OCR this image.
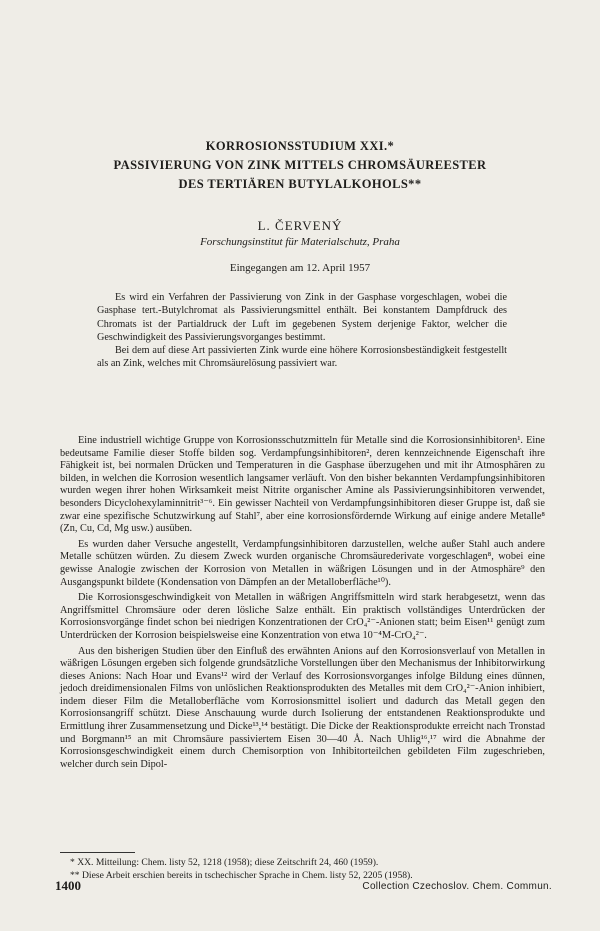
KORROSIONSSTUDIUM XXI.*
PASSIVIERUNG VON ZINK MITTELS CHROMSÄUREESTER
DES TERTIÄREN BUTYLALKOHOLS**
L. ČERVENÝ
Forschungsinstitut für Materialschutz, Praha
Eingegangen am 12. April 1957

Es wird ein Verfahren der Passivierung von Zink in der Gasphase vorgeschlagen, wobei die Gasphase tert.-Butylchromat als Passivierungsmittel enthält. Bei konstantem Dampfdruck des Chromats ist der Partialdruck der Luft im gegebenen System derjenige Faktor, welcher die Geschwindigkeit des Passivierungsvorganges bestimmt.

Bei dem auf diese Art passivierten Zink wurde eine höhere Korrosionsbeständigkeit festgestellt als an Zink, welches mit Chromsäurelösung passiviert war.

Eine industriell wichtige Gruppe von Korrosionsschutzmitteln für Metalle sind die Korrosionsinhibitoren¹. Eine bedeutsame Familie dieser Stoffe bilden sog. Verdampfungsinhibitoren², deren kennzeichnende Eigenschaft ihre Fähigkeit ist, bei normalen Drücken und Temperaturen in die Gasphase überzugehen und mit ihr Atmosphären zu bilden, in welchen die Korrosion wesentlich langsamer verläuft. Von den bisher bekannten Verdampfungsinhibitoren wurden wegen ihrer hohen Wirksamkeit meist Nitrite organischer Amine als Passivierungsinhibitoren verwendet, besonders Dicyclohexylaminnitrit³⁻⁶. Ein gewisser Nachteil von Verdampfungsinhibitoren dieser Gruppe ist, daß sie zwar eine spezifische Schutzwirkung auf Stahl⁷, aber eine korrosionsfördernde Wirkung auf einige andere Metalle⁸ (Zn, Cu, Cd, Mg usw.) ausüben.

Es wurden daher Versuche angestellt, Verdampfungsinhibitoren darzustellen, welche außer Stahl auch andere Metalle schützen würden. Zu diesem Zweck wurden organische Chromsäurederivate vorgeschlagen⁸, wobei eine gewisse Analogie zwischen der Korrosion von Metallen in wäßrigen Lösungen und in der Atmosphäre⁹ den Ausgangspunkt bildete (Kondensation von Dämpfen an der Metalloberfläche¹⁰).

Die Korrosionsgeschwindigkeit von Metallen in wäßrigen Angriffsmitteln wird stark herabgesetzt, wenn das Angriffsmittel Chromsäure oder deren lösliche Salze enthält. Ein praktisch vollständiges Unterdrücken der Korrosionsvorgänge findet schon bei niedrigen Konzentrationen der CrO₄²⁻-Anionen statt; beim Eisen¹¹ genügt zum Unterdrücken der Korrosion beispielsweise eine Konzentration von etwa 10⁻⁴M-CrO₄²⁻.

Aus den bisherigen Studien über den Einfluß des erwähnten Anions auf den Korrosionsverlauf von Metallen in wäßrigen Lösungen ergeben sich folgende grundsätzliche Vorstellungen über den Mechanismus der Inhibitorwirkung dieses Anions: Nach Hoar und Evans¹² wird der Verlauf des Korrosionsvorganges infolge Bildung eines dünnen, jedoch dreidimensionalen Films von unlöslichen Reaktionsprodukten des Metalles mit dem CrO₄²⁻-Anion inhibiert, indem dieser Film die Metalloberfläche vom Korrosionsmittel isoliert und dadurch das Metall gegen den Korrosionsangriff schützt. Diese Anschauung wurde durch Isolierung der entstandenen Reaktionsprodukte und Ermittlung ihrer Zusammensetzung und Dicke¹³,¹⁴ bestätigt. Die Dicke der Reaktionsprodukte erreicht nach Tronstad und Borgmann¹⁵ an mit Chromsäure passiviertem Eisen 30—40 Å. Nach Uhlig¹⁶,¹⁷ wird die Abnahme der Korrosionsgeschwindigkeit einem durch Chemisorption von Inhibitorteilchen gebildeten Film zugeschrieben, welcher durch sein Dipol-

* XX. Mitteilung: Chem. listy 52, 1218 (1958); diese Zeitschrift 24, 460 (1959).
** Diese Arbeit erschien bereits in tschechischer Sprache in Chem. listy 52, 2205 (1958).
1400	Collection Czechoslov. Chem. Commun.
